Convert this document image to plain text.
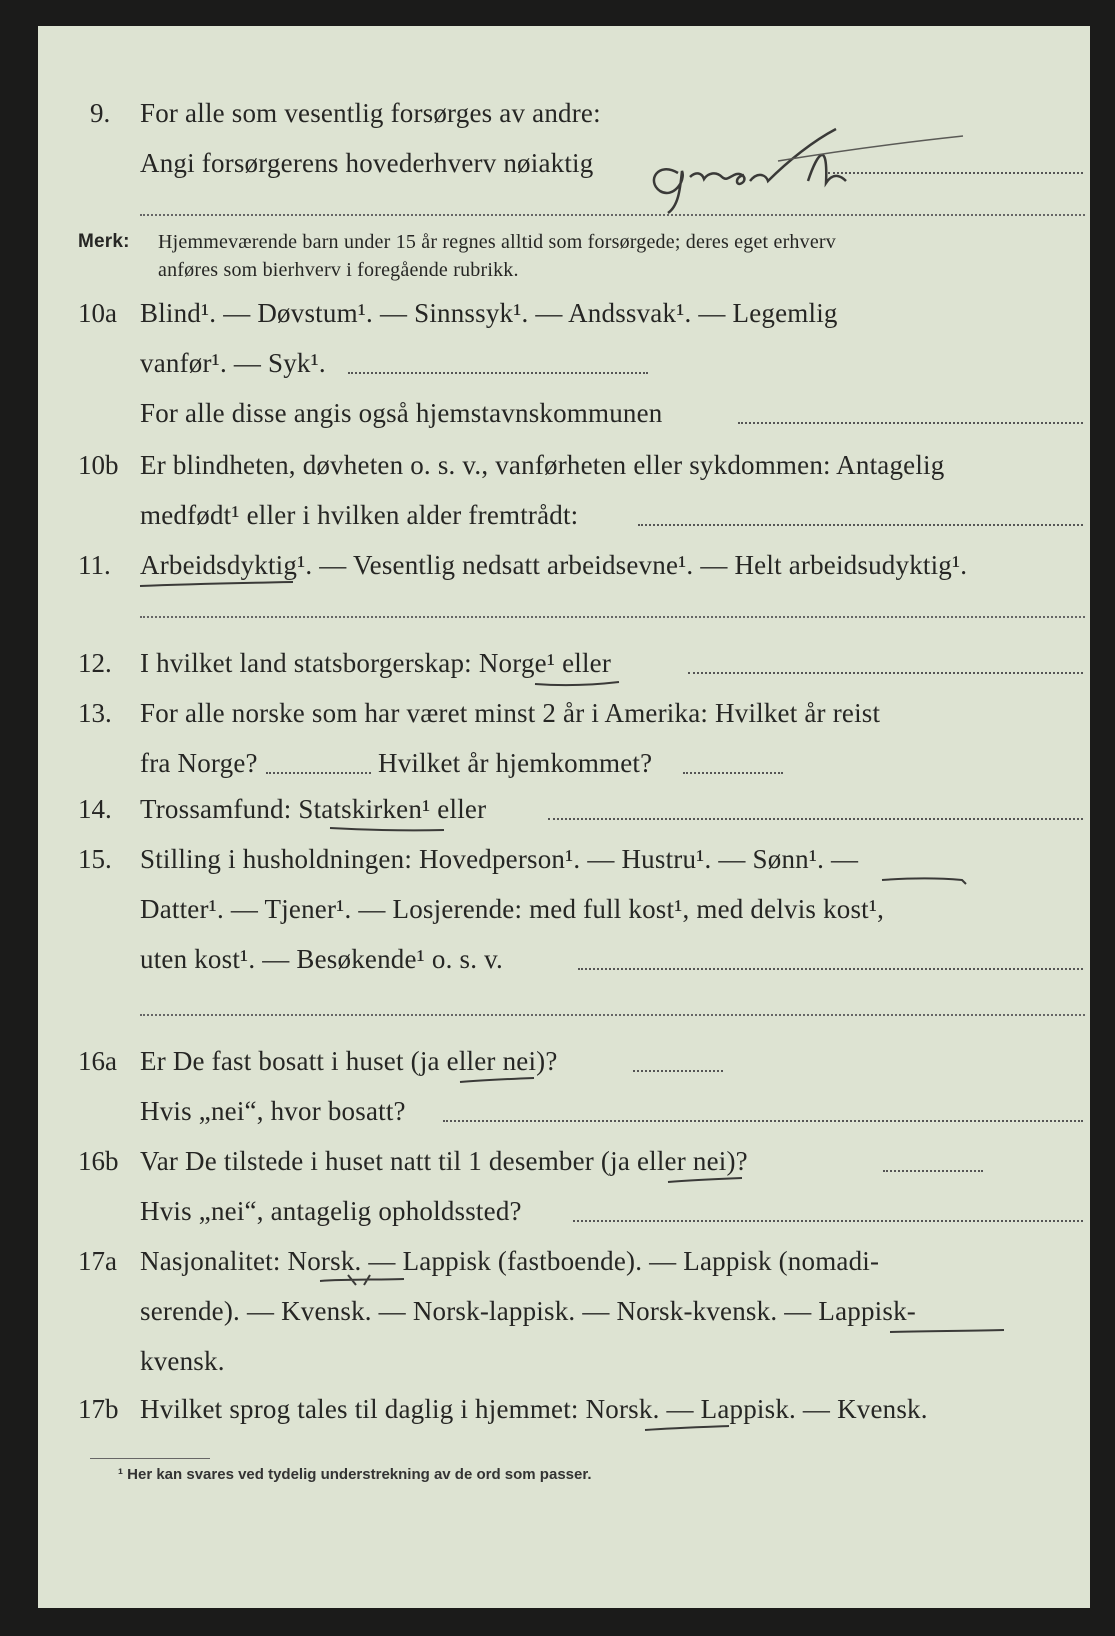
9. For alle som vesentlig forsørges av andre:
Angi forsørgerens hovederhverv nøiaktig
Merk: Hjemmeværende barn under 15 år regnes alltid som forsørgede; deres eget erhverv
anføres som bierhverv i foregående rubrikk.
10a Blind¹. — Døvstum¹. — Sinnssyk¹. — Andssvak¹. — Legemlig
vanfør¹. — Syk¹.
For alle disse angis også hjemstavnskommunen
10b Er blindheten, døvheten o. s. v., vanførheten eller sykdommen: Antagelig
medfødt¹ eller i hvilken alder fremtrådt:
11. Arbeidsdyktig¹. — Vesentlig nedsatt arbeidsevne¹. — Helt arbeidsudyktig¹.
12. I hvilket land statsborgerskap: Norge¹ eller
13. For alle norske som har været minst 2 år i Amerika: Hvilket år reist
fra Norge?	Hvilket år hjemkommet?
14. Trossamfund: Statskirken¹ eller
15. Stilling i husholdningen: Hovedperson¹. — Hustru¹. — Sønn¹. —
Datter¹. — Tjener¹. — Losjerende: med full kost¹, med delvis kost¹,
uten kost¹. — Besøkende¹ o. s. v.
16a Er De fast bosatt i huset (ja eller nei)?
Hvis „nei“, hvor bosatt?
16b Var De tilstede i huset natt til 1 desember (ja eller nei)?
Hvis „nei“, antagelig opholdssted?
17a Nasjonalitet: Norsk. — Lappisk (fastboende). — Lappisk (nomadi-
serende). — Kvensk. — Norsk-lappisk. — Norsk-kvensk. — Lappisk-
kvensk.
17b Hvilket sprog tales til daglig i hjemmet: Norsk. — Lappisk. — Kvensk.
¹ Her kan svares ved tydelig understrekning av de ord som passer.
